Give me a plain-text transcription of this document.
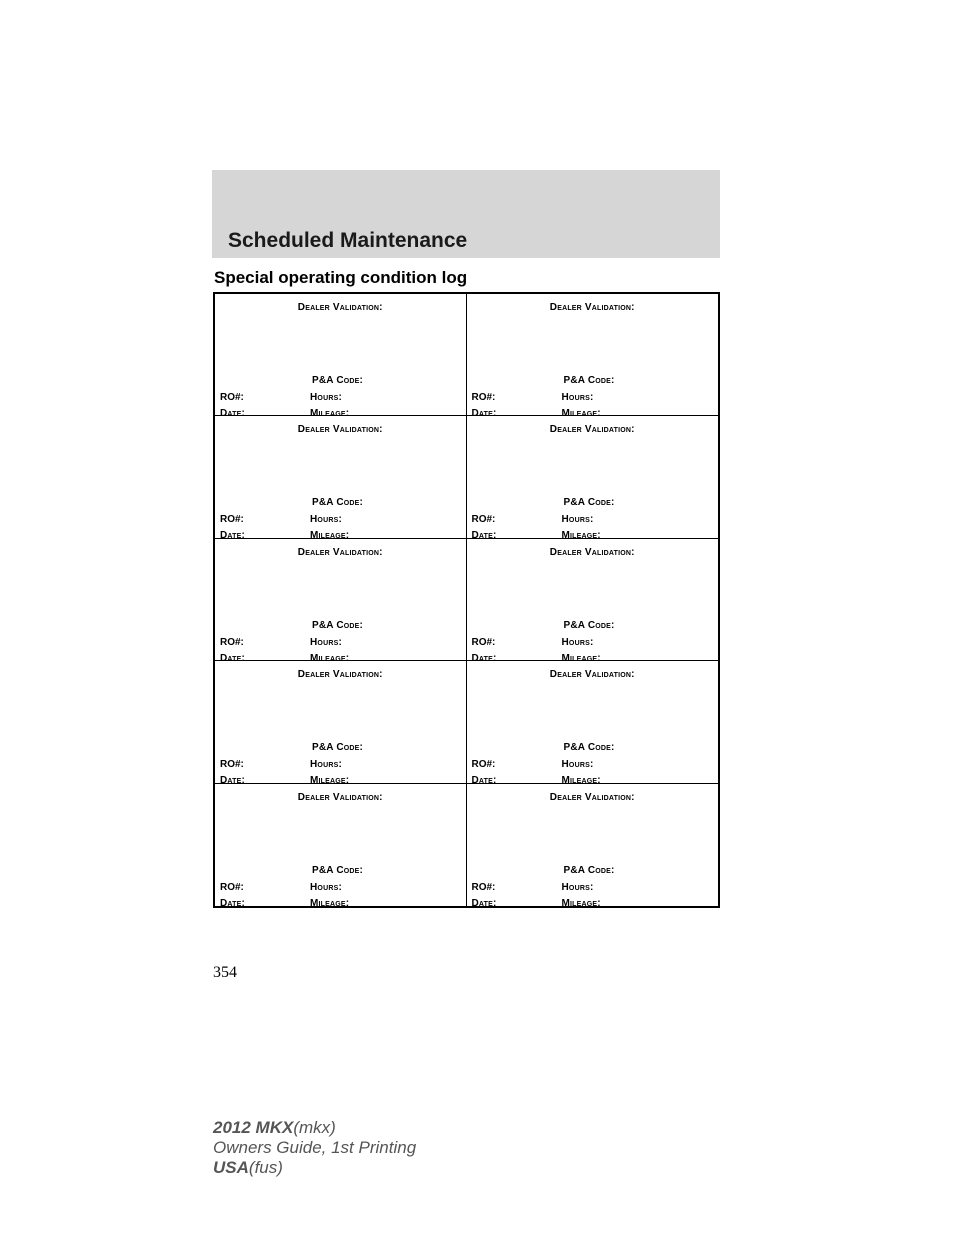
Scheduled Maintenance
Special operating condition log
Dealer Validation:
P&A Code:
RO#:	Hours:
Date:	Mileage:
Dealer Validation:
P&A Code:
RO#:	Hours:
Date:	Mileage:
Dealer Validation:
P&A Code:
RO#:	Hours:
Date:	Mileage:
Dealer Validation:
P&A Code:
RO#:	Hours:
Date:	Mileage:
Dealer Validation:
P&A Code:
RO#:	Hours:
Date:	Mileage:
Dealer Validation:
P&A Code:
RO#:	Hours:
Date:	Mileage:
Dealer Validation:
P&A Code:
RO#:	Hours:
Date:	Mileage:
Dealer Validation:
P&A Code:
RO#:	Hours:
Date:	Mileage:
Dealer Validation:
P&A Code:
RO#:	Hours:
Date:	Mileage:
Dealer Validation:
P&A Code:
RO#:	Hours:
Date:	Mileage:
354
2012 MKX(mkx)
Owners Guide, 1st Printing
USA(fus)
